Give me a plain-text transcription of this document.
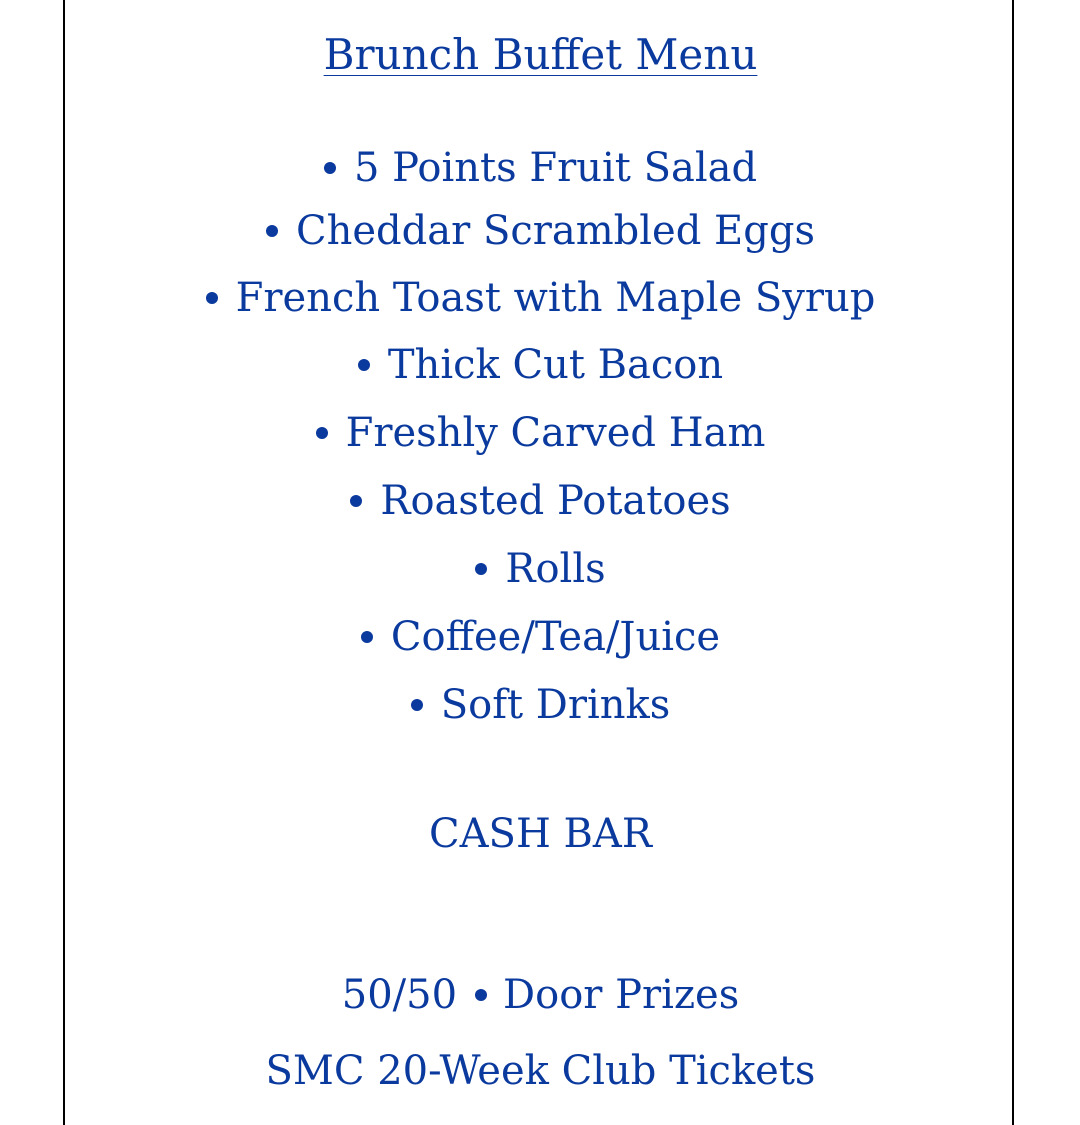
Brunch Buffet Menu
5 Points Fruit Salad
Cheddar Scrambled Eggs
French Toast with Maple Syrup
Thick Cut Bacon
Freshly Carved Ham
Roasted Potatoes
Rolls
Coffee/Tea/Juice
Soft Drinks
CASH BAR
50/50 Door Prizes
SMC 20-Week Club Tickets
